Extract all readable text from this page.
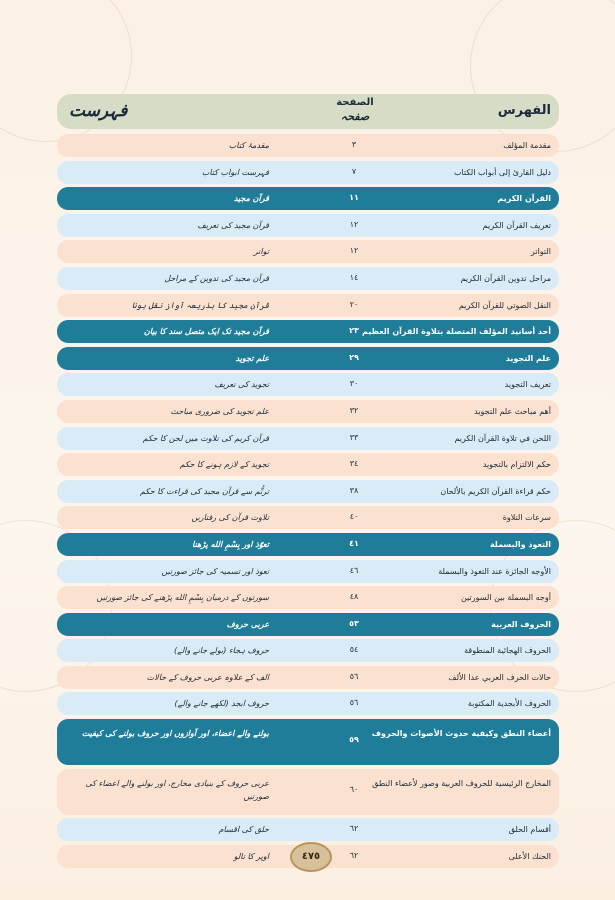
الفهرس
الصفحة
صفحہ
فہرست
مقدمة المؤلف
٣
مقدمۂ کتاب
دليل القارئ إلى أبواب الكتاب
٧
فہرست ابواب کتاب
القرآن الكريم
١١
قرآن مجید
تعريف القرآن الكريم
١٢
قرآن مجید کی تعریف
التواتر
١٢
تواتر
مراحل تدوين القرآن الكريم
١٤
قرآن مجید کی تدوین کے مراحل
النقل الصوتي للقرآن الكريم
٢٠
قرآن مجید کا بذریعہ آواز نقل ہونا
أحد أسانيد المؤلف المتصلة بتلاوة القرآن العظيم
٢٣
قرآن مجید تک ایک متصل سند کا بیان
علم التجويد
٢٩
علم تجوید
تعريف التجويد
٣٠
تجوید کی تعریف
أهم مباحث علم التجويد
٣٢
علم تجوید کی ضروری مباحث
اللحن في تلاوة القرآن الكريم
٣٣
قرآن کریم کی تلاوت میں لحن کا حکم
حكم الالتزام بالتجويد
٣٤
تجوید کے لازم ہونے کا حکم
حكم قراءة القرآن الكريم بالألحان
٣٨
ترنُّم سے قرآن مجید کی قراءت کا حکم
سرعات التلاوة
٤٠
تلاوت قرآن کی رفتاریں
التعوذ والبسملة
٤١
تعوّذ اور بِسْمِ الله پڑھنا
الأوجه الجائزة عند التعوذ والبسملة
٤٦
تعوذ اور تسمیہ کی جائز صورتیں
أوجه البسملة بين السورتين
٤٨
سورتوں کے درمیان بِسْمِ الله پڑھنے کی جائز صورتیں
الحروف العربية
٥٣
عربی حروف
الحروف الهجائية المنطوقة
٥٤
حروف ہجاء (بولے جانے والے)
حالات الحرف العربي عدا الألف
٥٦
الف کے علاوہ عربی حروف کے حالات
الحروف الأبجدية المكتوبة
٥٦
حروف ابجد (لکھے جانے والے)
أعضاء النطق وكيفية حدوث الأصوات والحروف
٥٩
بولنے والے اعضاء، اور آوازوں اور حروف بولنے کی کیفیت
المخارج الرئيسية للحروف العربية وصور لأعضاء النطق
٦٠
عربی حروف کے بنیادی مخارج، اور بولنے والے اعضاء کی صورتیں
أقسام الحلق
٦٢
حلق کی اقسام
الحنك الأعلى
٦٢
اوپر کا تالو	٤٧٥
